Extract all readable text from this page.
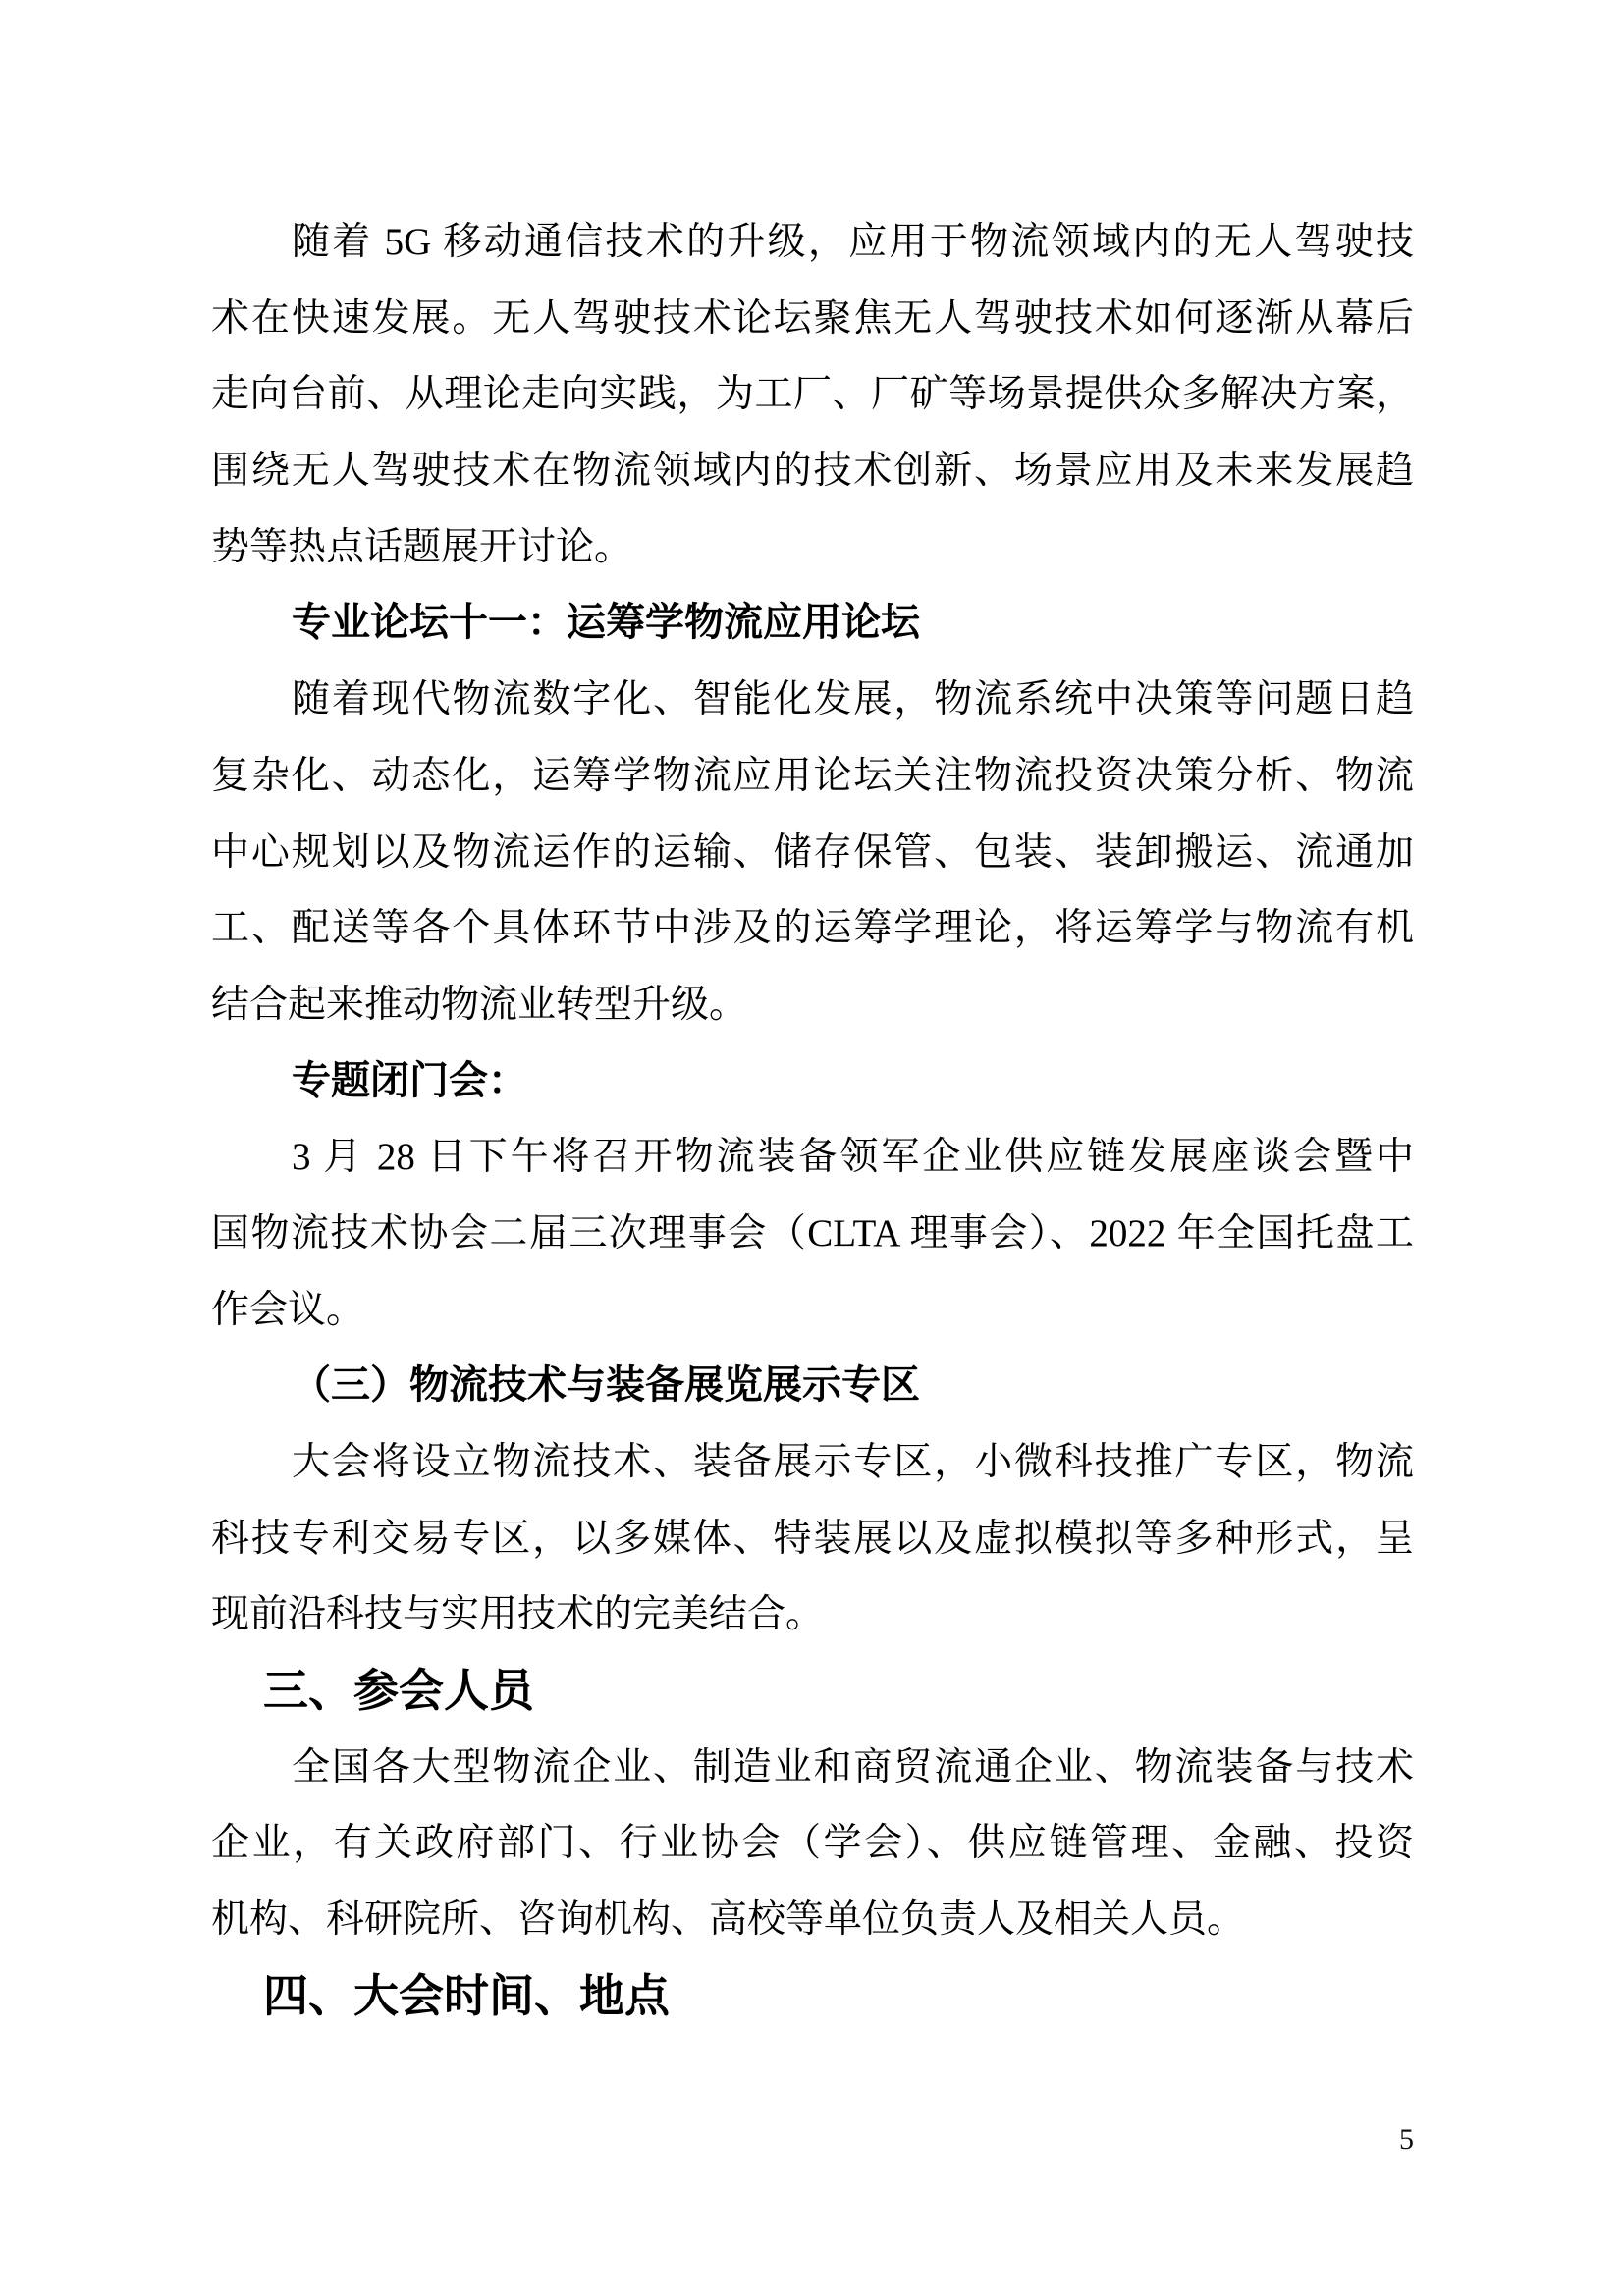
随着 5G 移动通信技术的升级，应用于物流领域内的无人驾驶技
术在快速发展。无人驾驶技术论坛聚焦无人驾驶技术如何逐渐从幕后
走向台前、从理论走向实践，为工厂、厂矿等场景提供众多解决方案，
围绕无人驾驶技术在物流领域内的技术创新、场景应用及未来发展趋
势等热点话题展开讨论。
专业论坛十一：运筹学物流应用论坛
随着现代物流数字化、智能化发展，物流系统中决策等问题日趋
复杂化、动态化，运筹学物流应用论坛关注物流投资决策分析、物流
中心规划以及物流运作的运输、储存保管、包装、装卸搬运、流通加
工、配送等各个具体环节中涉及的运筹学理论，将运筹学与物流有机
结合起来推动物流业转型升级。
专题闭门会：
3 月 28 日下午将召开物流装备领军企业供应链发展座谈会暨中
国物流技术协会二届三次理事会（CLTA 理事会）、2022 年全国托盘工
作会议。
（三）物流技术与装备展览展示专区
大会将设立物流技术、装备展示专区，小微科技推广专区，物流
科技专利交易专区，以多媒体、特装展以及虚拟模拟等多种形式，呈
现前沿科技与实用技术的完美结合。
三、参会人员
全国各大型物流企业、制造业和商贸流通企业、物流装备与技术
企业，有关政府部门、行业协会（学会）、供应链管理、金融、投资
机构、科研院所、咨询机构、高校等单位负责人及相关人员。
四、大会时间、地点
5
